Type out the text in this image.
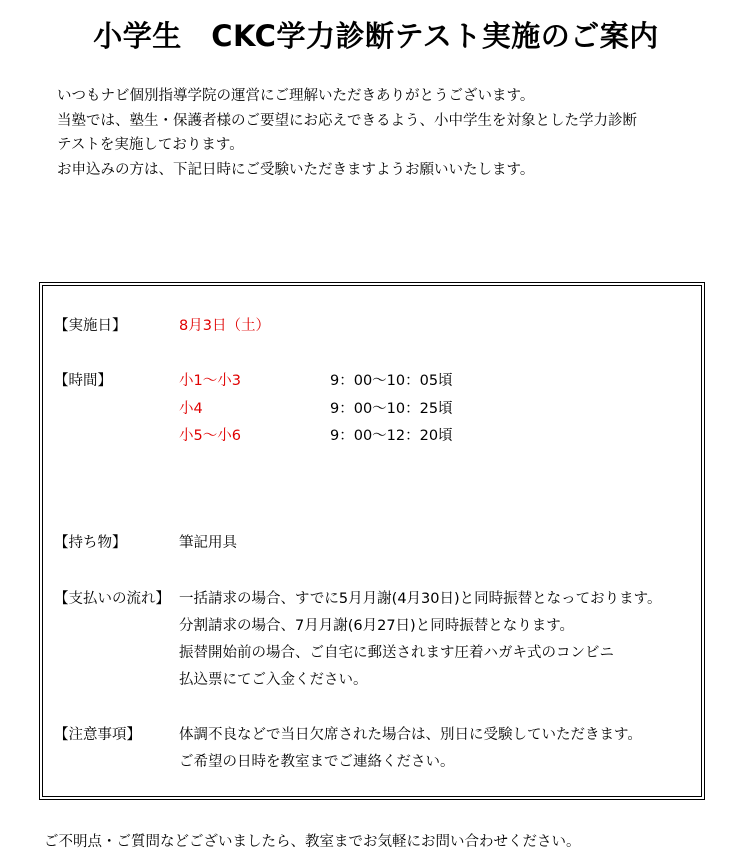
小学生　CKC学力診断テスト実施のご案内

いつもナビ個別指導学院の運営にご理解いただきありがとうございます。

当塾では、塾生・保護者様のご要望にお応えできるよう、小中学生を対象とした学力診断

テストを実施しております。

お申込みの方は、下記日時にご受験いただきますようお願いいたします。

【実施日】	8月3日（土）
【時間】	小1～小3	9：00～10：05頃
小4	9：00～10：25頃
小5～小6	9：00～12：20頃
【持ち物】	筆記用具
【支払いの流れ】 一括請求の場合、すでに5月月謝(4月30日)と同時振替となっております。
分割請求の場合、7月月謝(6月27日)と同時振替となります。
振替開始前の場合、ご自宅に郵送されます圧着ハガキ式のコンビニ
払込票にてご入金ください。
【注意事項】	体調不良などで当日欠席された場合は、別日に受験していただきます。
ご希望の日時を教室までご連絡ください。
ご不明点・ご質問などございましたら、教室までお気軽にお問い合わせください。
